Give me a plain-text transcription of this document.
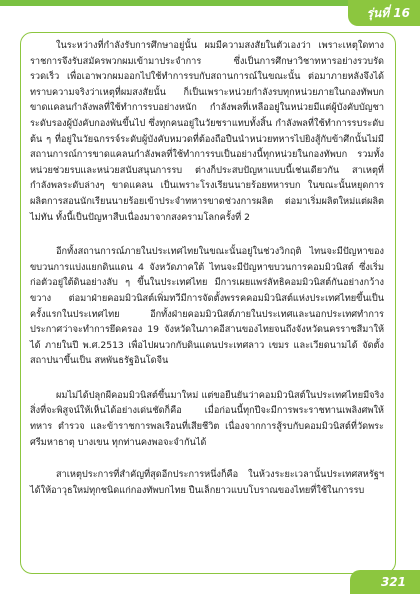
รุ่นที่ 16

ในระหว่างที่กำลังรับการศึกษาอยู่นั้น ผมมีความสงสัยในตัวเองว่า เพราะเหตุใดทางราชการจึงรับสมัครพวกผมเข้ามาประจำการ ซึ่งเป็นการศึกษาวิชาทหารอย่างรวบรัด รวดเร็ว เพื่อเอาพวกผมออกไปใช้ทำการรบกับสถานการณ์ในขณะนั้น ต่อมาภายหลังจึงได้ทราบความจริงว่าเหตุที่ผมสงสัยนั้น ก็เป็นเพราะหน่วยกำลังรบทุกหน่วยภายในกองทัพบกขาดแคลนกำลังพลที่ใช้ทำการรบอย่างหนัก กำลังพลที่เหลืออยู่ในหน่วยมีแต่ผู้บังคับบัญชาระดับรองผู้บังคับกองพันขึ้นไป ซึ่งทุกคนอยู่ในวัยชราแทบทั้งสิ้น กำลังพลที่ใช้ทำการรบระดับต้น ๆ ที่อยู่ในวัยฉกรรจ์ระดับผู้บังคับหมวดที่ต้องถือปืนนำหน่วยทหารไปยิงสู้กับข้าศึกนั้นไม่มี สถานการณ์การขาดแคลนกำลังพลที่ใช้ทำการรบเป็นอย่างนี้ทุกหน่วยในกองทัพบก รวมทั้งหน่วยช่วยรบและหน่วยสนับสนุนการรบ ต่างก็ประสบปัญหาแบบนี้เช่นเดียวกัน สาเหตุที่กำลังพลระดับล่างๆ ขาดแคลน เป็นเพราะโรงเรียนนายร้อยทหารบก ในขณะนั้นหยุดการผลิตการสอนนักเรียนนายร้อยเข้าประจำทหารขาดช่วงการผลิต ต่อมาเริ่มผลิตใหม่แต่ผลิตไม่ทัน ทั้งนี้เป็นปัญหาสืบเนื่องมาจากสงครามโลกครั้งที่ 2

อีกทั้งสถานการณ์ภายในประเทศไทยในขณะนั้นอยู่ในช่วงวิกฤติ ไทนจะมีปัญหาของขบวนการแบ่งแยกดินแดน 4 จังหวัดภาคใต้ ไทนจะมีปัญหาขบวนการคอมมิวนิสต์ ซึ่งเริ่มก่อตัวอยู่ใต้ดินอย่างลับ ๆ ขึ้นในประเทศไทย มีการเผยแพร่ลัทธิคอมมิวนิสต์กันอย่างกว้างขวาง ต่อมาฝ่ายคอมมิวนิสต์เพิ่มทวีมีการจัดตั้งพรรคคอมมิวนิสต์แห่งประเทศไทยขึ้นเป็นครั้งแรกในประเทศไทย อีกทั้งฝ่ายคอมมิวนิสต์ภายในประเทศและนอกประเทศทำการประกาศว่าจะทำการยึดครอง 19 จังหวัดในภาคอีสานของไทยจนถึงจังหวัดนครราชสีมาให้ได้ ภายในปี พ.ศ.2513 เพื่อไปผนวกกับดินแดนประเทศลาว เขมร และเวียดนามได้ จัดตั้งสถาปนาขึ้นเป็น สหพันธรัฐอินโดจีน

ผมไม่ได้ปลุกผีคอมมิวนิสต์ขึ้นมาใหม่ แต่ขอยืนยันว่าคอมมิวนิสต์ในประเทศไทยมีจริง สิ่งที่จะพิสูจน์ให้เห็นได้อย่างเด่นชัดก็คือ เมื่อก่อนนี้ทุกปีจะมีการพระราชทานเพลิงศพให้ ทหาร ตำรวจ และข้าราชการพลเรือนที่เสียชีวิต เนื่องจากการสู้รบกับคอมมิวนิสต์ที่วัดพระศรีมหาธาตุ บางเขน ทุกท่านคงพอจะจำกันได้

สาเหตุประการที่สำคัญที่สุดอีกประการหนึ่งก็คือ ในห้วงระยะเวลานั้นประเทศสหรัฐฯ ได้ให้อาวุธใหม่ทุกชนิดแก่กองทัพบกไทย ปืนเล็กยาวแบบโบราณของไทยที่ใช้ในการรบ

321
